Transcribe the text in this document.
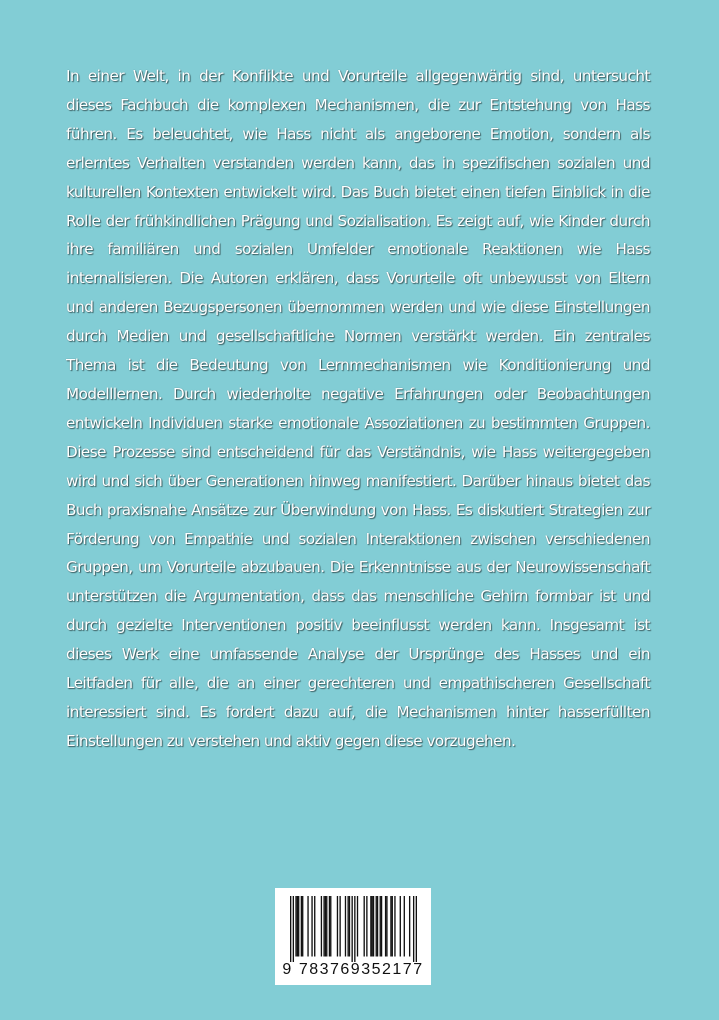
In einer Welt, in der Konflikte und Vorurteile allgegenwärtig sind, untersucht dieses Fachbuch die komplexen Mechanismen, die zur Entstehung von Hass führen. Es beleuchtet, wie Hass nicht als angeborene Emotion, sondern als erlerntes Verhalten verstanden werden kann, das in spezifischen sozialen und kulturellen Kontexten entwickelt wird. Das Buch bietet einen tiefen Einblick in die Rolle der frühkindlichen Prägung und Sozialisation. Es zeigt auf, wie Kinder durch ihre familiären und sozialen Umfelder emotionale Reaktionen wie Hass internalisieren. Die Autoren erklären, dass Vorurteile oft unbewusst von Eltern und anderen Bezugspersonen übernommen werden und wie diese Einstellungen durch Medien und gesellschaftliche Normen verstärkt werden. Ein zentrales Thema ist die Bedeutung von Lernmechanismen wie Konditionierung und Modelllernen. Durch wiederholte negative Erfahrungen oder Beobachtungen entwickeln Individuen starke emotionale Assoziationen zu bestimmten Gruppen. Diese Prozesse sind entscheidend für das Verständnis, wie Hass weitergegeben wird und sich über Generationen hinweg manifestiert. Darüber hinaus bietet das Buch praxisnahe Ansätze zur Überwindung von Hass. Es diskutiert Strategien zur Förderung von Empathie und sozialen Interaktionen zwischen verschiedenen Gruppen, um Vorurteile abzubauen. Die Erkenntnisse aus der Neurowissenschaft unterstützen die Argumentation, dass das menschliche Gehirn formbar ist und durch gezielte Interventionen positiv beeinflusst werden kann. Insgesamt ist dieses Werk eine umfassende Analyse der Ursprünge des Hasses und ein Leitfaden für alle, die an einer gerechteren und empathischeren Gesellschaft interessiert sind. Es fordert dazu auf, die Mechanismen hinter hasserfüllten Einstellungen zu verstehen und aktiv gegen diese vorzugehen.

9 783769352177
